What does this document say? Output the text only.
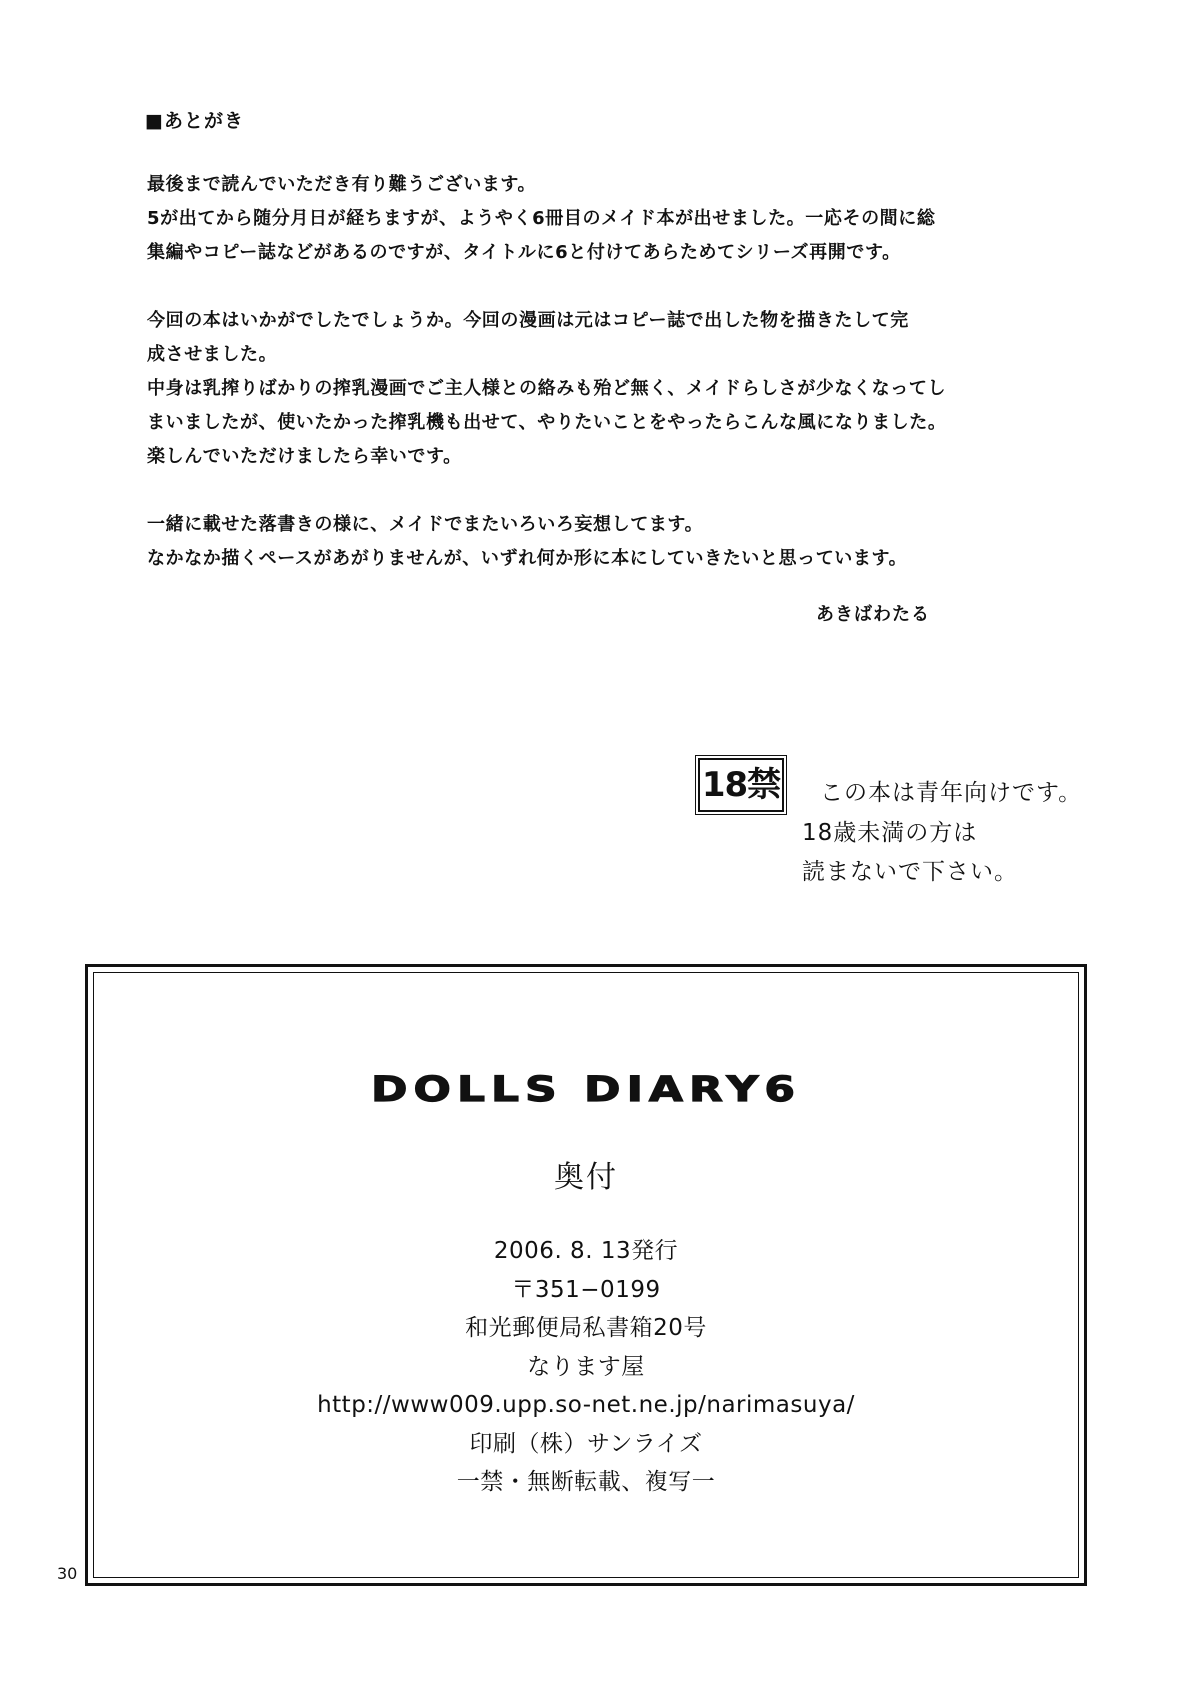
■あとがき
最後まで読んでいただき有り難うございます。
5が出てから随分月日が経ちますが、ようやく6冊目のメイド本が出せました。一応その間に総
集編やコピー誌などがあるのですが、タイトルに6と付けてあらためてシリーズ再開です。
今回の本はいかがでしたでしょうか。今回の漫画は元はコピー誌で出した物を描きたして完
成させました。
中身は乳搾りばかりの搾乳漫画でご主人様との絡みも殆ど無く、メイドらしさが少なくなってし
まいましたが、使いたかった搾乳機も出せて、やりたいことをやったらこんな風になりました。
楽しんでいただけましたら幸いです。
一緒に載せた落書きの様に、メイドでまたいろいろ妄想してます。
なかなか描くペースがあがりませんが、いずれ何か形に本にしていきたいと思っています。
あきばわたる
18禁 この本は青年向けです。
18歳未満の方は
読まないで下さい。
DOLLS DIARY6
奥付
2006. 8. 13発行
〒351−0199
和光郵便局私書箱20号
なります屋
http://www009.upp.so-net.ne.jp/narimasuya/
印刷（株）サンライズ
一禁・無断転載、複写一
30
